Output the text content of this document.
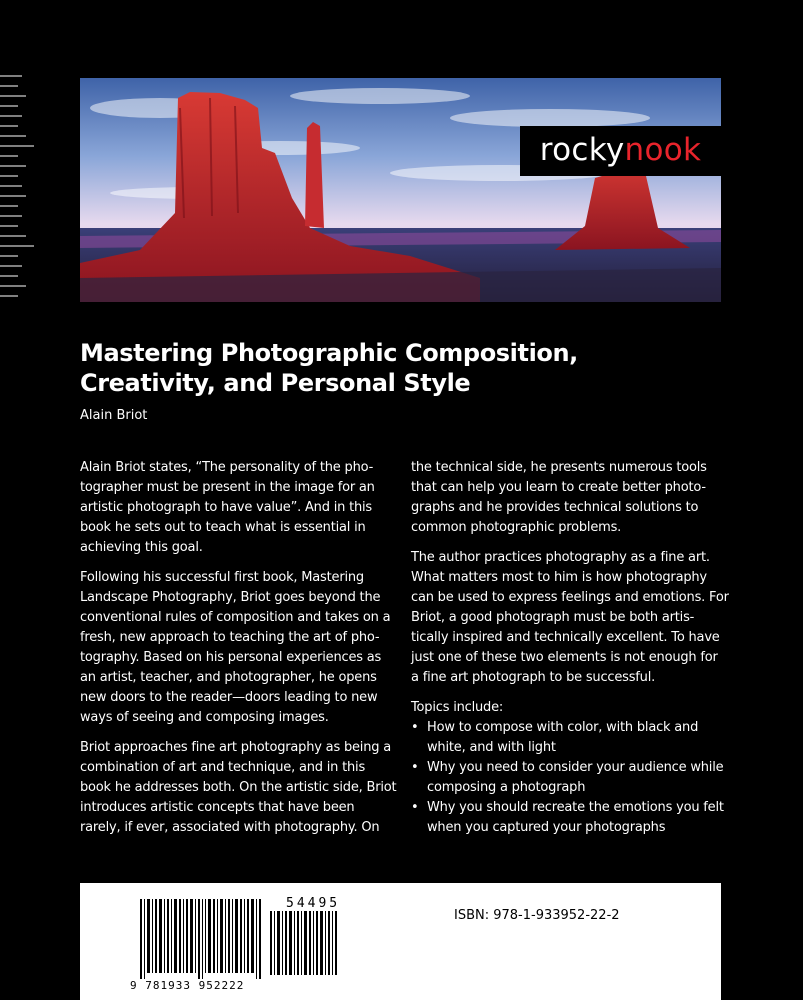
rocky nook
Mastering Photographic Composition,
Creativity, and Personal Style
Alain Briot

Alain Briot states, “The personality of the pho-tographer must be present in the image for an artistic photograph to have value”. And in this book he sets out to teach what is essential in achieving this goal.

Following his successful first book, Mastering Landscape Photography, Briot goes beyond the conventional rules of composition and takes on a fresh, new approach to teaching the art of pho-tography. Based on his personal experiences as an artist, teacher, and photographer, he opens new doors to the reader—doors leading to new ways of seeing and composing images.

Briot approaches fine art photography as being a combination of art and technique, and in this book he addresses both. On the artistic side, Briot introduces artistic concepts that have been rarely, if ever, associated with photography. On

the technical side, he presents numerous tools that can help you learn to create better photo-graphs and he provides technical solutions to common photographic problems.

The author practices photography as a fine art. What matters most to him is how photography can be used to express feelings and emotions. For Briot, a good photograph must be both artis-tically inspired and technically excellent. To have just one of these two elements is not enough for a fine art photograph to be successful.

Topics include:
• How to compose with color, with black and white, and with light
• Why you need to consider your audience while composing a photograph
• Why you should recreate the emotions you felt when you captured your photographs
54495
ISBN: 978-1-933952-22-2
9 781933 952222
